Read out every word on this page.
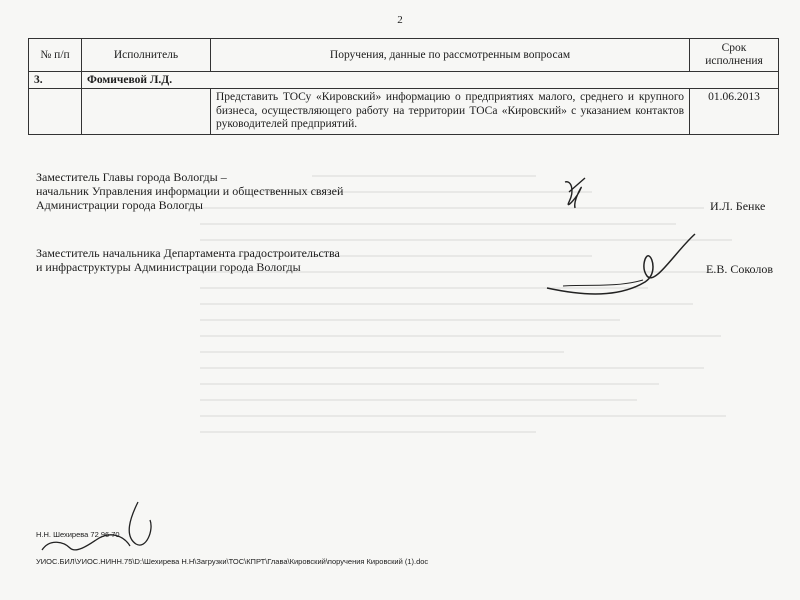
2
№ п/п	Исполнитель	Поручения, данные по рассмотренным вопросам	Срок исполнения
3.	Фомичевой Л.Д.		
		Представить ТОСу «Кировский» информацию о предприятиях малого, среднего и крупного бизнеса, осуществляющего работу на территории ТОСа «Кировский» с указанием контактов руководителей предприятий.	01.06.2013
Заместитель Главы города Вологды –
начальник Управления информации и общественных связей
Администрации города Вологды	И.Л. Бенке
Заместитель начальника Департамента градостроительства
и инфраструктуры Администрации города Вологды	Е.В. Соколов
Н.Н. Шехирева 72 96 70
УИОС.БИЛ\УИОС.НИНН.75\D:\Шехирева Н.Н\Загрузки\ТОС\КПРТ\Глава\Кировский\поручения Кировский (1).doc
